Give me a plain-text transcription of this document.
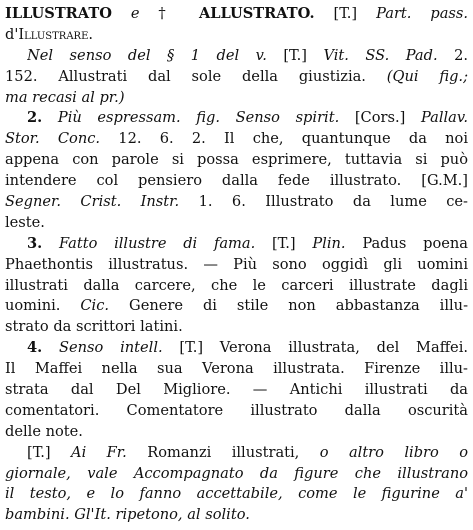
ILLUSTRATO e † ALLUSTRATO. [T.] Part. pass.
d'Illustrare.
Nel senso del § 1 del v. [T.] Vit. SS. Pad. 2.
152. Allustrati dal sole della giustizia. (Qui fig.;
ma recasi al pr.)
2. Più espressam. fig. Senso spirit. [Cors.] Pallav.
Stor. Conc. 12. 6. 2. Il che, quantunque da noi
appena con parole si possa esprimere, tuttavia si può
intendere col pensiero dalla fede illustrato. [G.M.]
Segner. Crist. Instr. 1. 6. Illustrato da lume ce-
leste.
3. Fatto illustre di fama. [T.] Plin. Padus poena
Phaethontis illustratus. — Più sono oggidì gli uomini
illustrati dalla carcere, che le carceri illustrate dagli
uomini. Cic. Genere di stile non abbastanza illu-
strato da scrittori latini.
4. Senso intell. [T.] Verona illustrata, del Maffei.
Il Maffei nella sua Verona illustrata. Firenze illu-
strata dal Del Migliore. — Antichi illustrati da
comentatori. Comentatore illustrato dalla oscurità
delle note.
[T.] Ai Fr. Romanzi illustrati, o altro libro o
giornale, vale Accompagnato da figure che illustrano
il testo, e lo fanno accettabile, come le figurine a'
bambini. Gl'It. ripetono, al solito.
